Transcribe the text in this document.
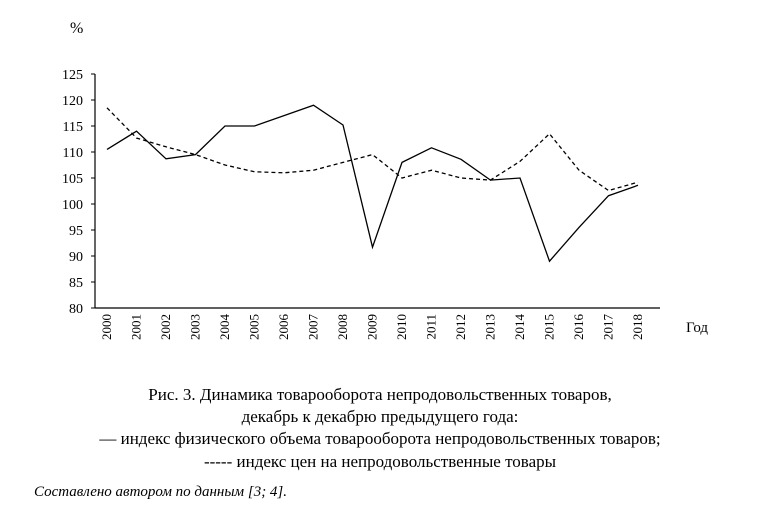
%
80
85
90
95
100
105
110
115
120
125
2000 2001 2002 2003 2004 2005 2006 2007 2008 2009 2010 2011 2012 2013 2014 2015 2016 2017 2018	Год
Рис. 3. Динамика товарооборота непродовольственных товаров,
декабрь к декабрю предыдущего года:
— индекс физического объема товарооборота непродовольственных товаров;
----- индекс цен на непродовольственные товары
Составлено автором по данным [3; 4].
